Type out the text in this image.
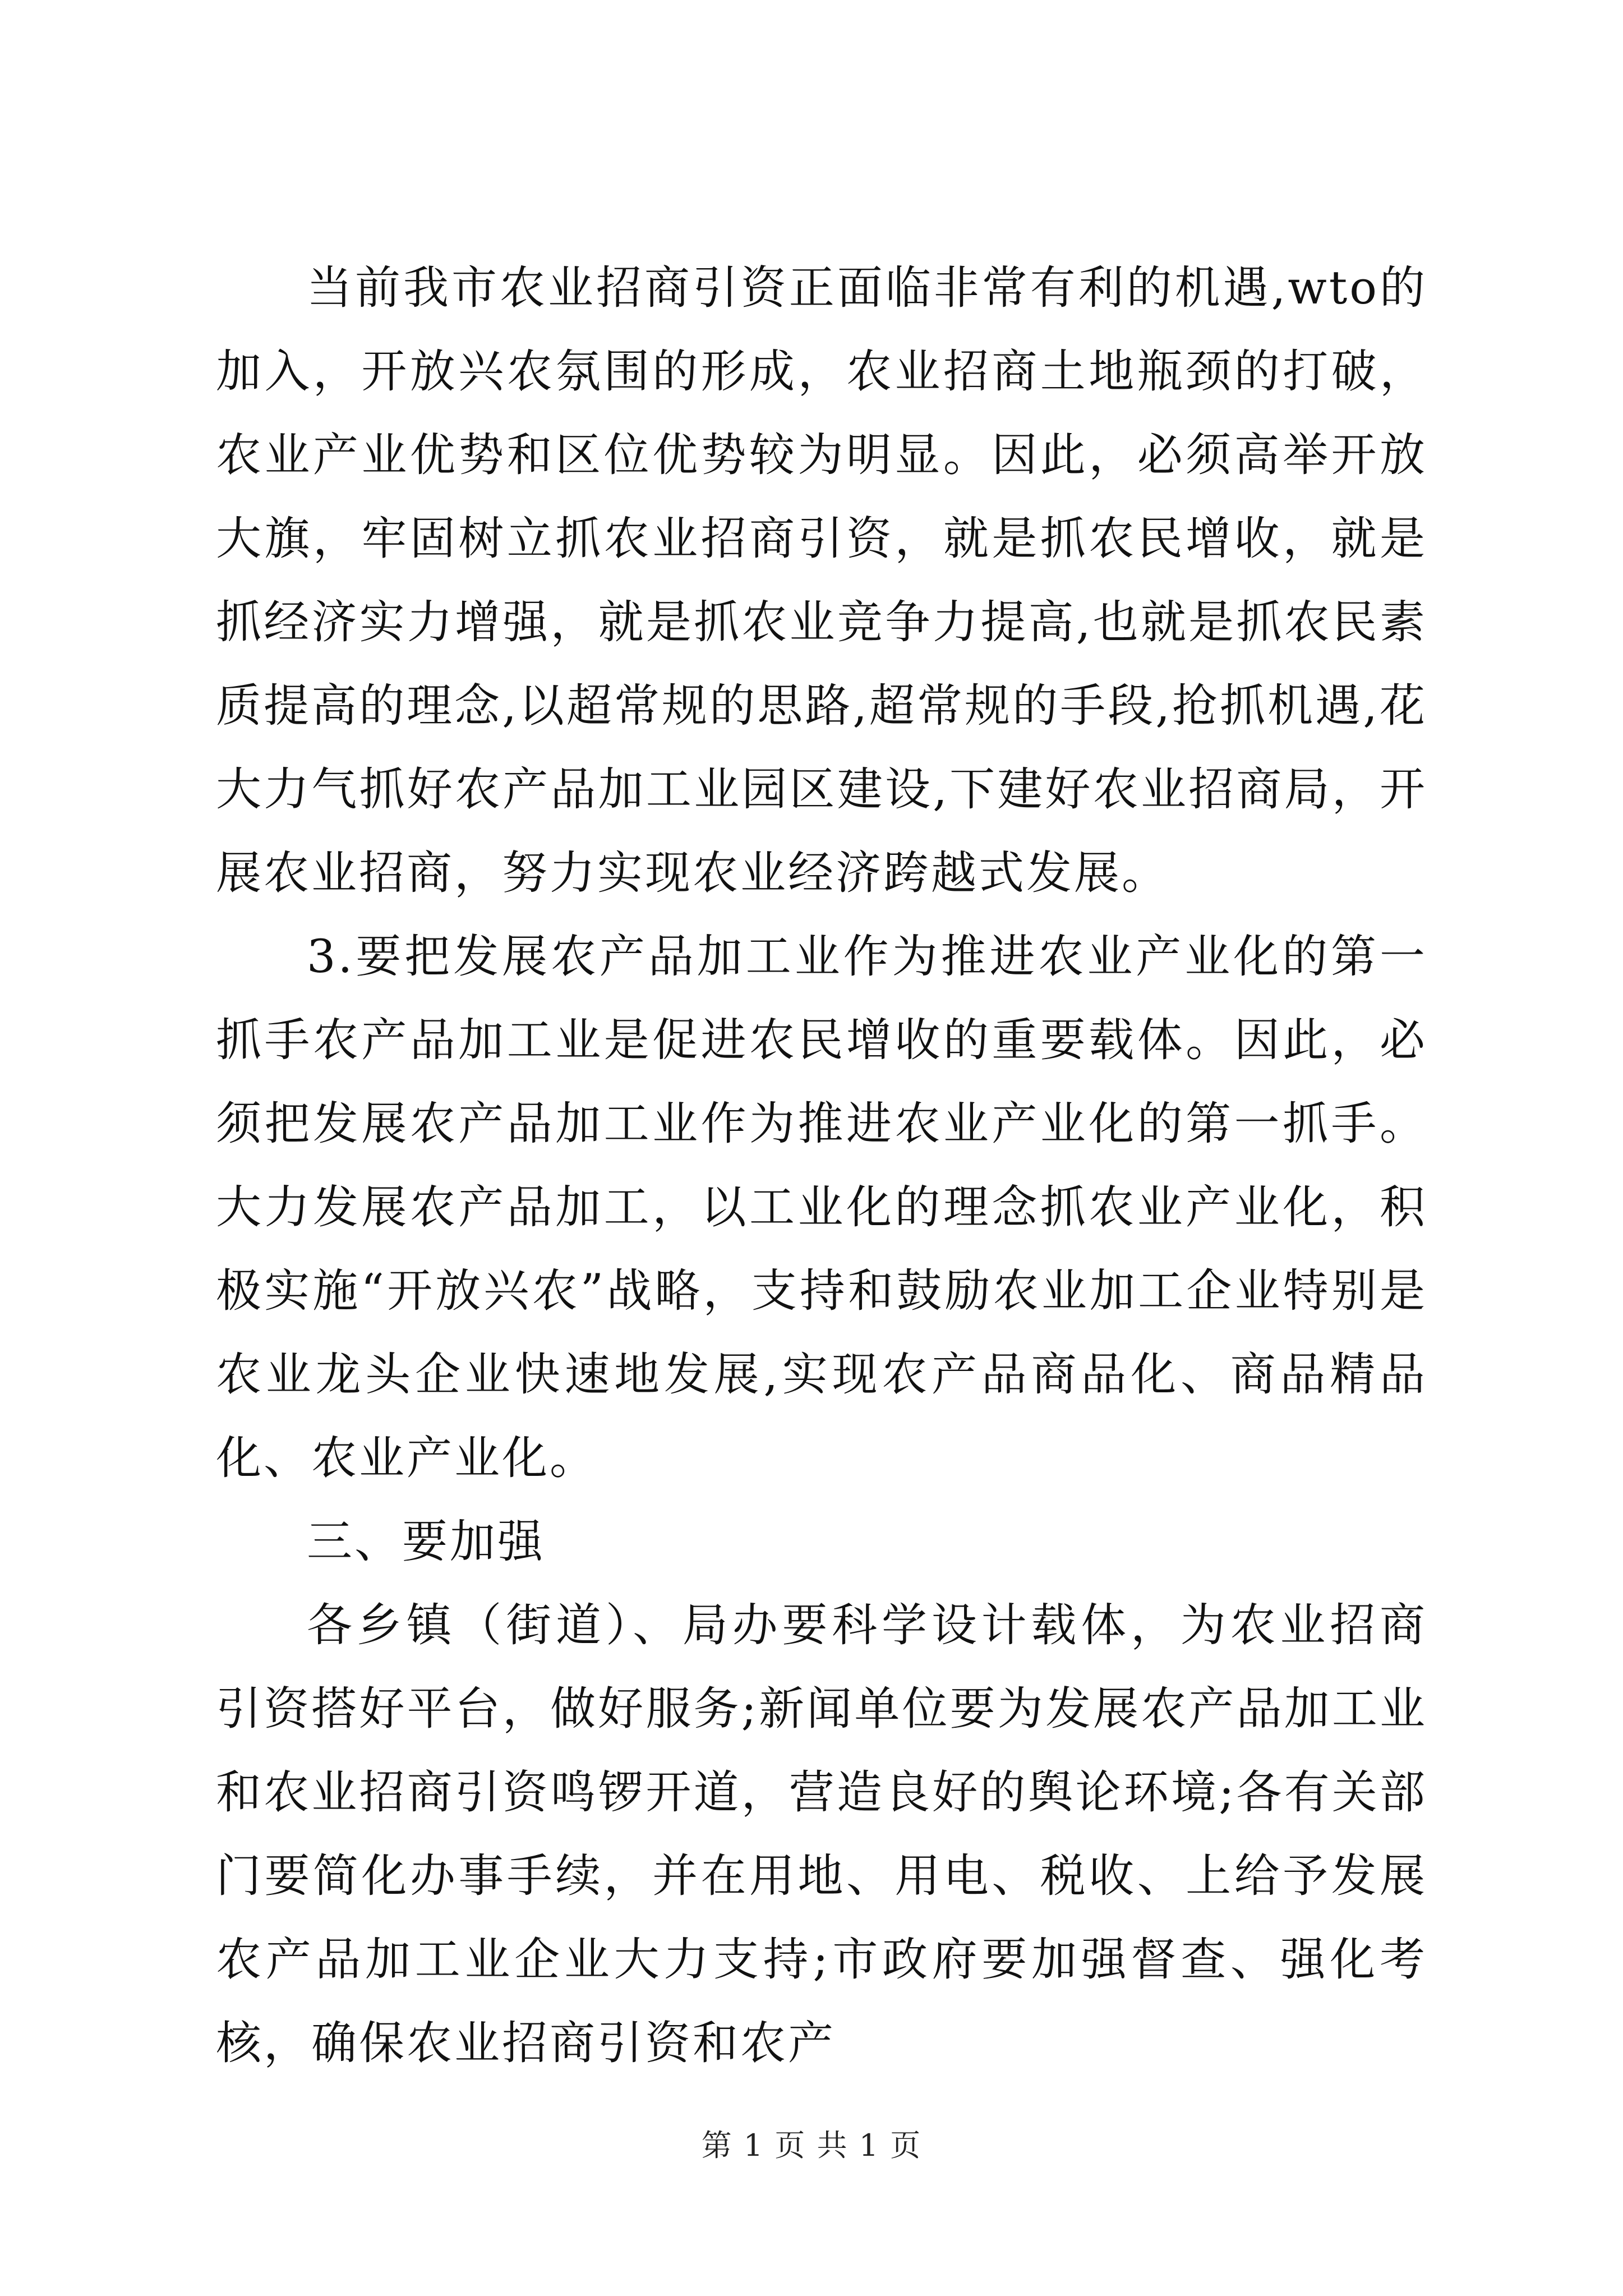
当前我市农业招商引资正面临非常有利的机遇,wto的加入，开放兴农氛围的形成，农业招商土地瓶颈的打破，农业产业优势和区位优势较为明显。因此，必须高举开放大旗，牢固树立抓农业招商引资，就是抓农民增收，就是抓经济实力增强，就是抓农业竞争力提高,也就是抓农民素质提高的理念,以超常规的思路,超常规的手段,抢抓机遇,花大力气抓好农产品加工业园区建设,下建好农业招商局，开展农业招商，努力实现农业经济跨越式发展。

3.要把发展农产品加工业作为推进农业产业化的第一抓手农产品加工业是促进农民增收的重要载体。因此，必须把发展农产品加工业作为推进农业产业化的第一抓手。大力发展农产品加工，以工业化的理念抓农业产业化，积极实施“开放兴农”战略，支持和鼓励农业加工企业特别是农业龙头企业快速地发展,实现农产品商品化、商品精品化、农业产业化。

三、要加强

各乡镇（街道）、局办要科学设计载体，为农业招商引资搭好平台，做好服务;新闻单位要为发展农产品加工业和农业招商引资鸣锣开道，营造良好的舆论环境;各有关部门要简化办事手续，并在用地、用电、税收、上给予发展农产品加工业企业大力支持;市政府要加强督查、强化考核，确保农业招商引资和农产

第 1 页 共 1 页
